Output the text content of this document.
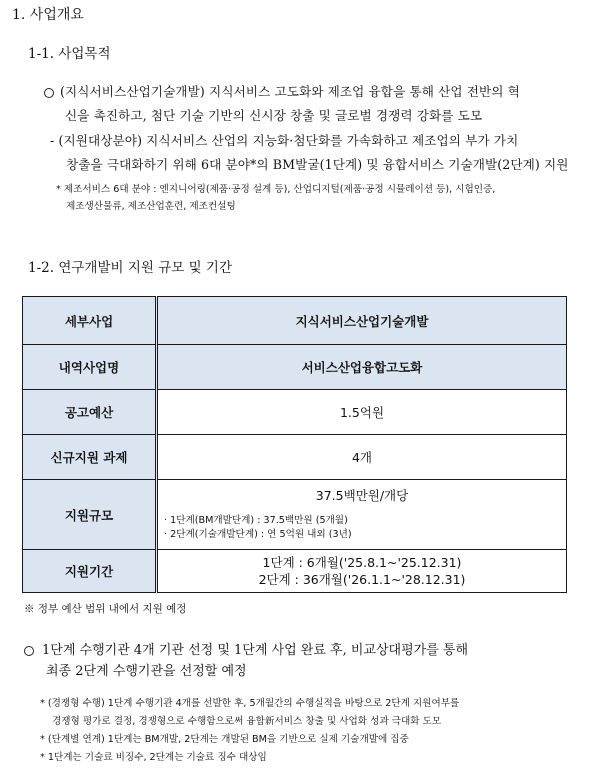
1. 사업개요
1-1. 사업목적
(지식서비스산업기술개발) 지식서비스 고도화와 제조업 융합을 통해 산업 전반의 혁
신을 촉진하고, 첨단 기술 기반의 신시장 창출 및 글로벌 경쟁력 강화를 도모
- (지원대상분야) 지식서비스 산업의 지능화·첨단화를 가속화하고 제조업의 부가 가치
창출을 극대화하기 위해 6대 분야*의 BM발굴(1단계) 및 융합서비스 기술개발(2단계) 지원
* 제조서비스 6대 분야 : 엔지니어링(제품·공정 설계 등), 산업디지털(제품·공정 시뮬레이션 등), 시험인증,
제조생산물류, 제조산업훈련, 제조컨설팅
1-2. 연구개발비 지원 규모 및 기간
세부사업	지식서비스산업기술개발
내역사업명	서비스산업융합고도화
공고예산	1.5억원
신규지원 과제	4개
지원규모	37.5백만원/개당
· 1단계(BM개발단계) : 37.5백만원 (5개월)
· 2단계(기술개발단계) : 연 5억원 내외 (3년)

지원기간	1단계 : 6개월('25.8.1~'25.12.31)
2단계 : 36개월('26.1.1~'28.12.31)
※ 정부 예산 범위 내에서 지원 예정
1단계 수행기관 4개 기관 선정 및 1단계 사업 완료 후, 비교상대평가를 통해
최종 2단계 수행기관을 선정할 예정
* (경쟁형 수행) 1단계 수행기관 4개를 선발한 후, 5개월간의 수행실적을 바탕으로 2단계 지원여부를
경쟁형 평가로 결정, 경쟁형으로 수행함으로써 융합新서비스 창출 및 사업화 성과 극대화 도모
* (단계별 연계) 1단계는 BM개발, 2단계는 개발된 BM을 기반으로 실제 기술개발에 집중
* 1단계는 기술료 비징수, 2단계는 기술료 징수 대상임
